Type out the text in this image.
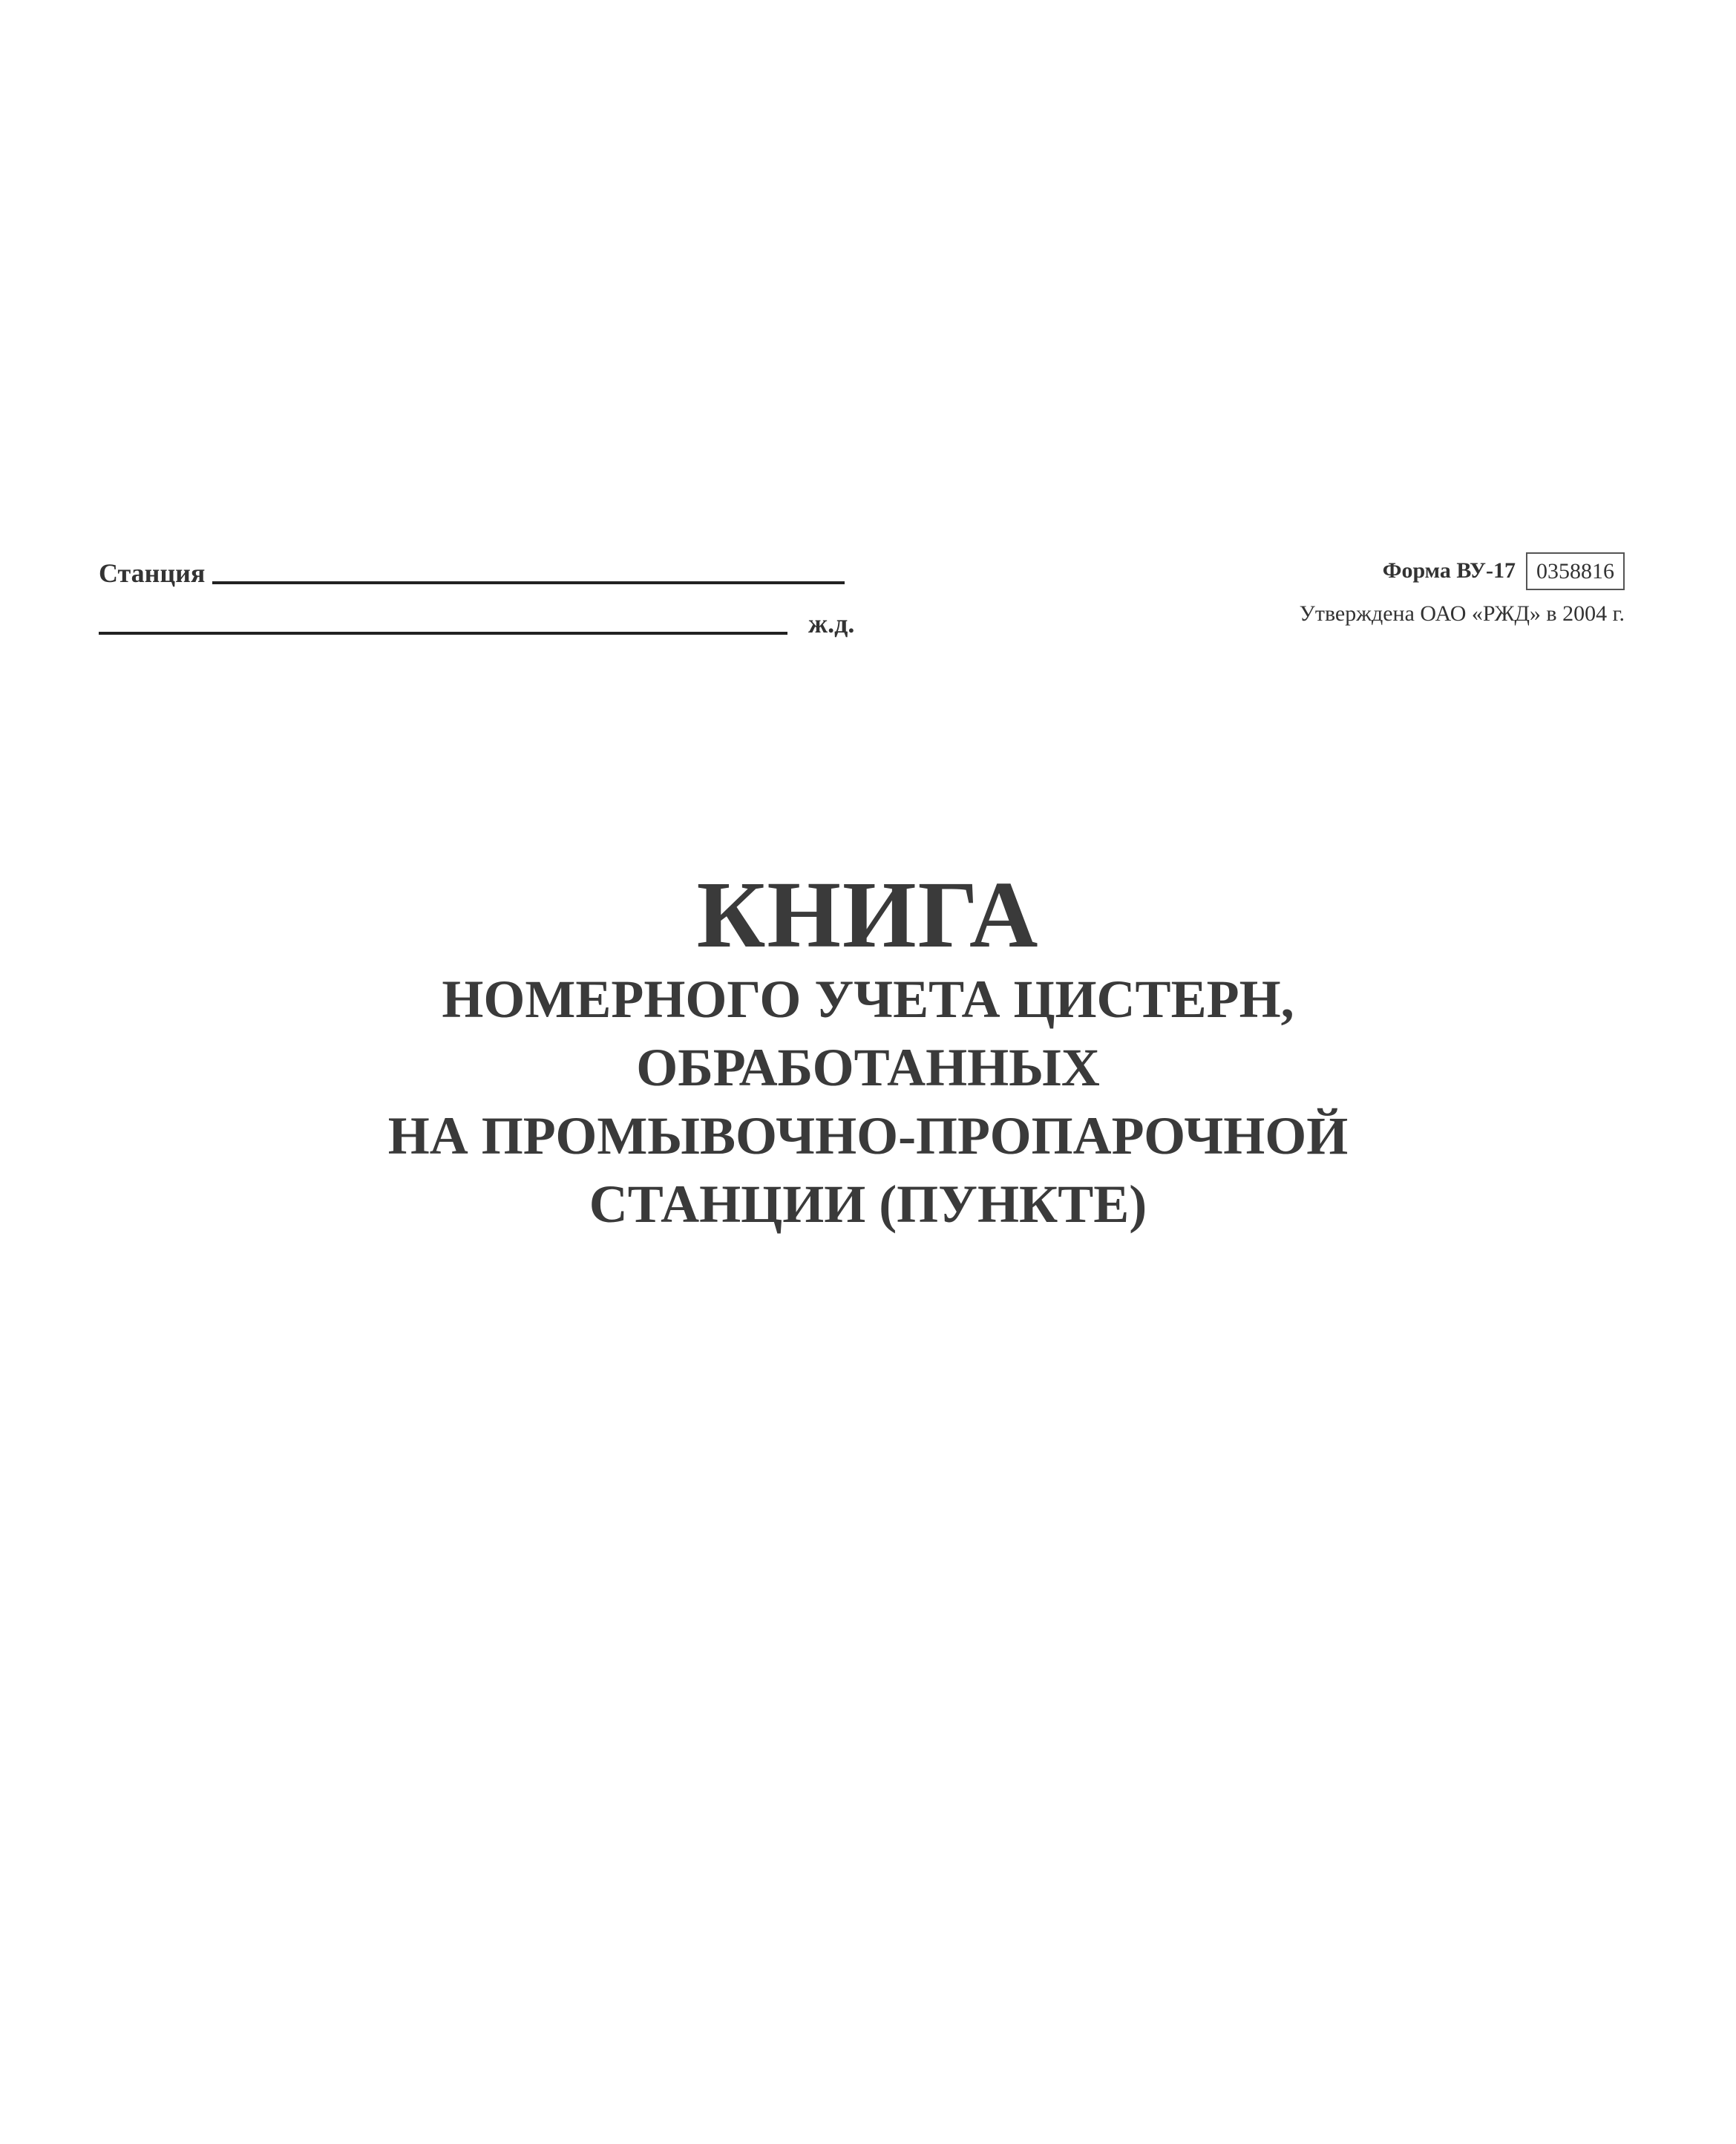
Станция
ж.д.
Форма ВУ-17 0358816
Утверждена ОАО «РЖД» в 2004 г.
КНИГА
НОМЕРНОГО УЧЕТА ЦИСТЕРН,
ОБРАБОТАННЫХ
НА ПРОМЫВОЧНО-ПРОПАРОЧНОЙ
СТАНЦИИ (ПУНКТЕ)
